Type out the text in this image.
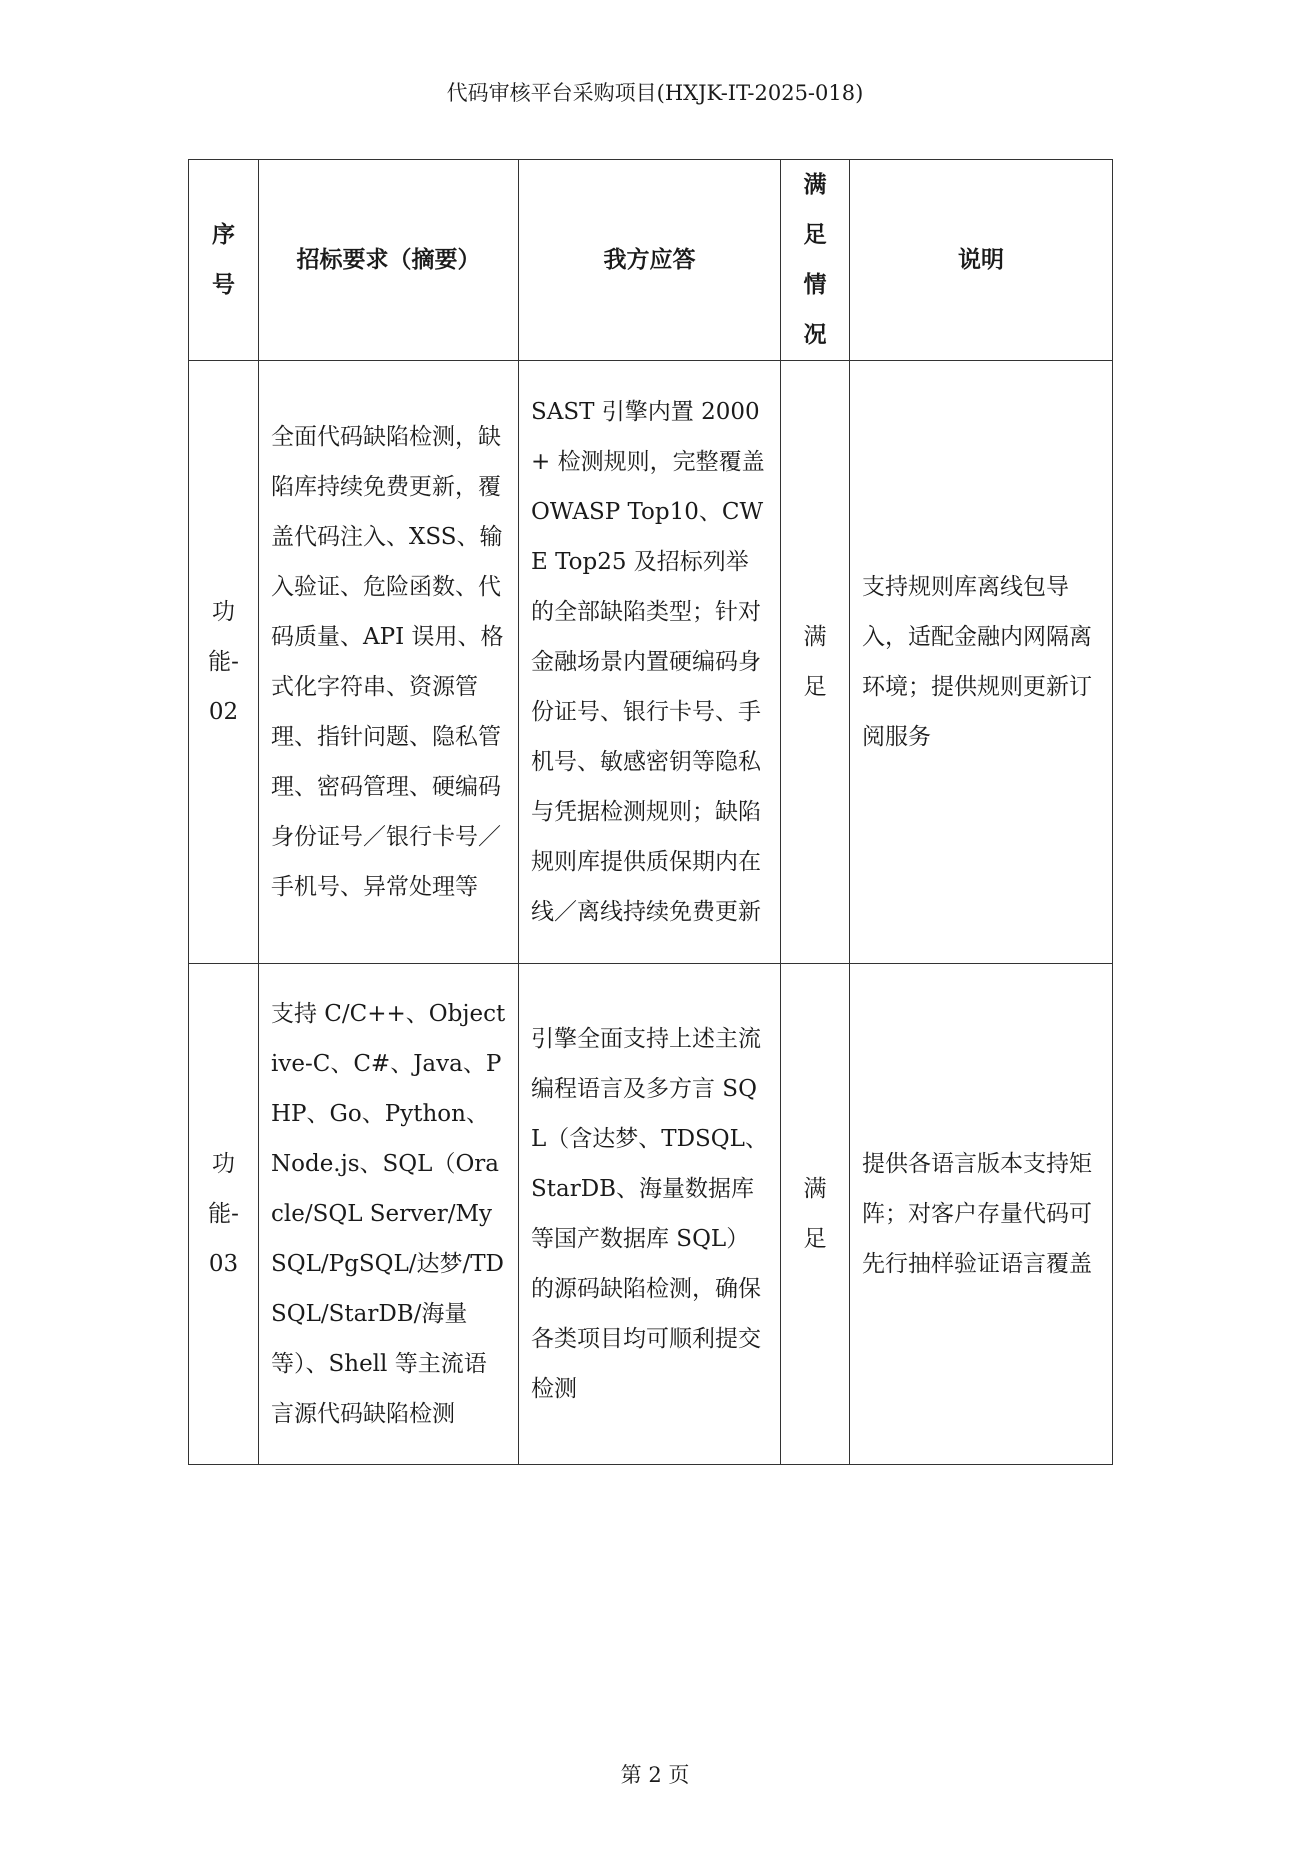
代码审核平台采购项目(HXJK-IT-2025-018)
序号	招标要求（摘要）	我方应答	满足情况	说明
功能-02	全面代码缺陷检测，缺陷库持续免费更新，覆盖代码注入、XSS、输入验证、危险函数、代码质量、API 误用、格式化字符串、资源管理、指针问题、隐私管理、密码管理、硬编码身份证号／银行卡号／手机号、异常处理等	SAST 引擎内置 2000+ 检测规则，完整覆盖 OWASP Top10、CWE Top25 及招标列举的全部缺陷类型；针对金融场景内置硬编码身份证号、银行卡号、手机号、敏感密钥等隐私与凭据检测规则；缺陷规则库提供质保期内在线／离线持续免费更新	满足	支持规则库离线包导入，适配金融内网隔离环境；提供规则更新订阅服务
功能-03	支持 C/C++、Objective-C、C#、Java、PHP、Go、Python、Node.js、SQL（Oracle/SQL Server/MySQL/PgSQL/达梦/TDSQL/StarDB/海量等）、Shell 等主流语言源代码缺陷检测	引擎全面支持上述主流编程语言及多方言 SQL（含达梦、TDSQL、StarDB、海量数据库等国产数据库 SQL）的源码缺陷检测，确保各类项目均可顺利提交检测	满足	提供各语言版本支持矩阵；对客户存量代码可先行抽样验证语言覆盖
第 2 页
